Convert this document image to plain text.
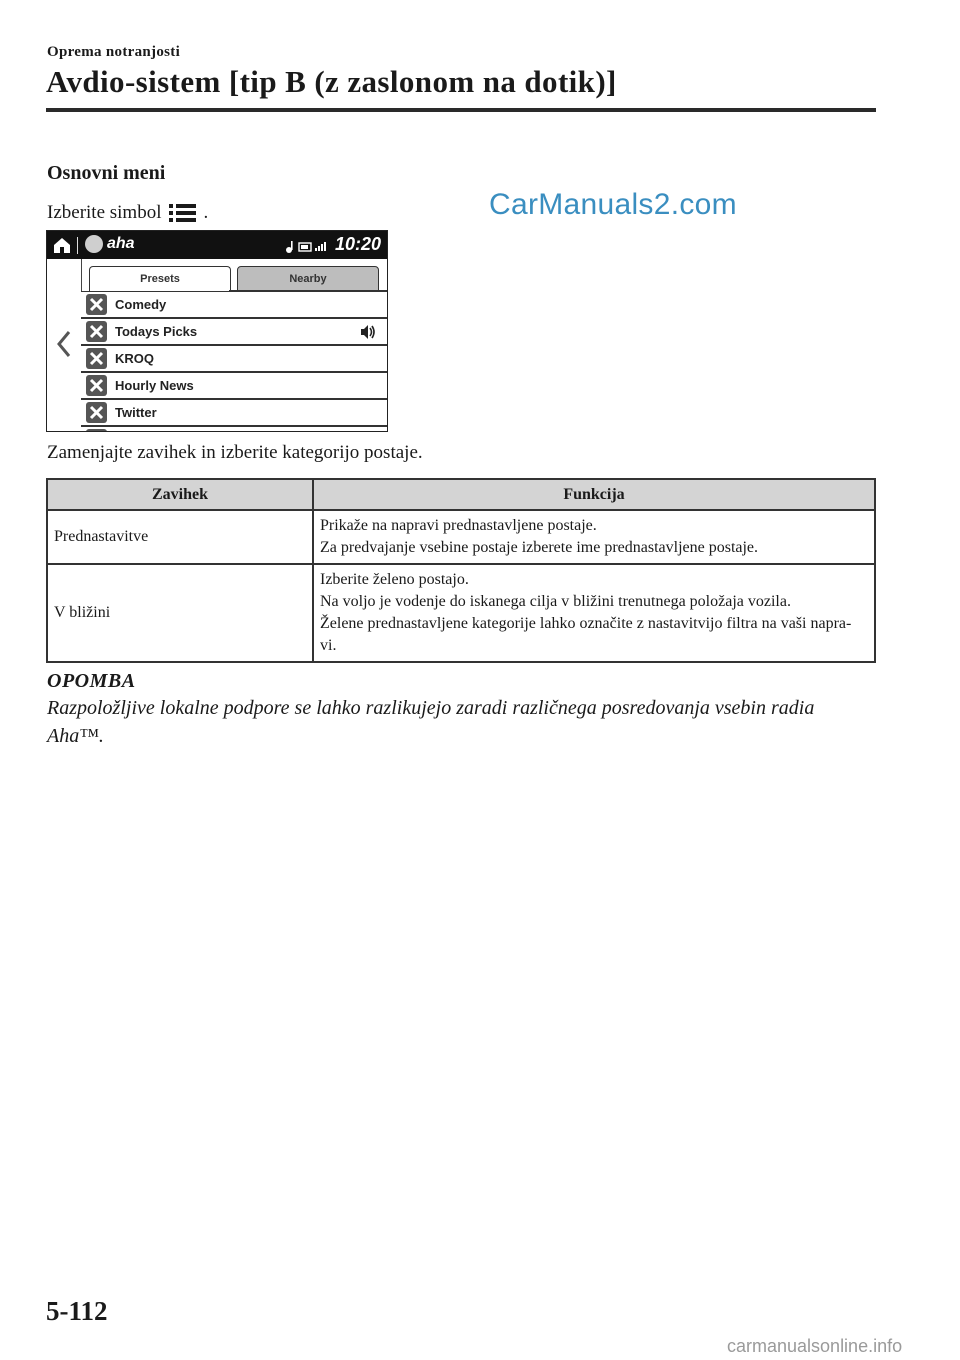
Oprema notranjosti
Avdio-sistem [tip B (z zaslonom na dotik)]
Osnovni meni
Izberite simbol .	CarManuals2.com
aha	10:20
Presets	Nearby
Comedy
Todays Picks
KROQ
Hourly News
Twitter
Zamenjajte zavihek in izberite kategorijo postaje.
Zavihek	Funkcija
Prednastavitve	Prikaže na napravi prednastavljene postaje.
Za predvajanje vsebine postaje izberete ime prednastavljene postaje.

V bližini	Izberite želeno postajo.
Na voljo je vodenje do iskanega cilja v bližini trenutnega položaja vozila.
Želene prednastavljene kategorije lahko označite z nastavitvijo filtra na vaši napra-
vi.
OPOMBA
Razpoložljive lokalne podpore se lahko razlikujejo zaradi različnega posredovanja vsebin radia Aha™.
5-112
carmanualsonline.info
